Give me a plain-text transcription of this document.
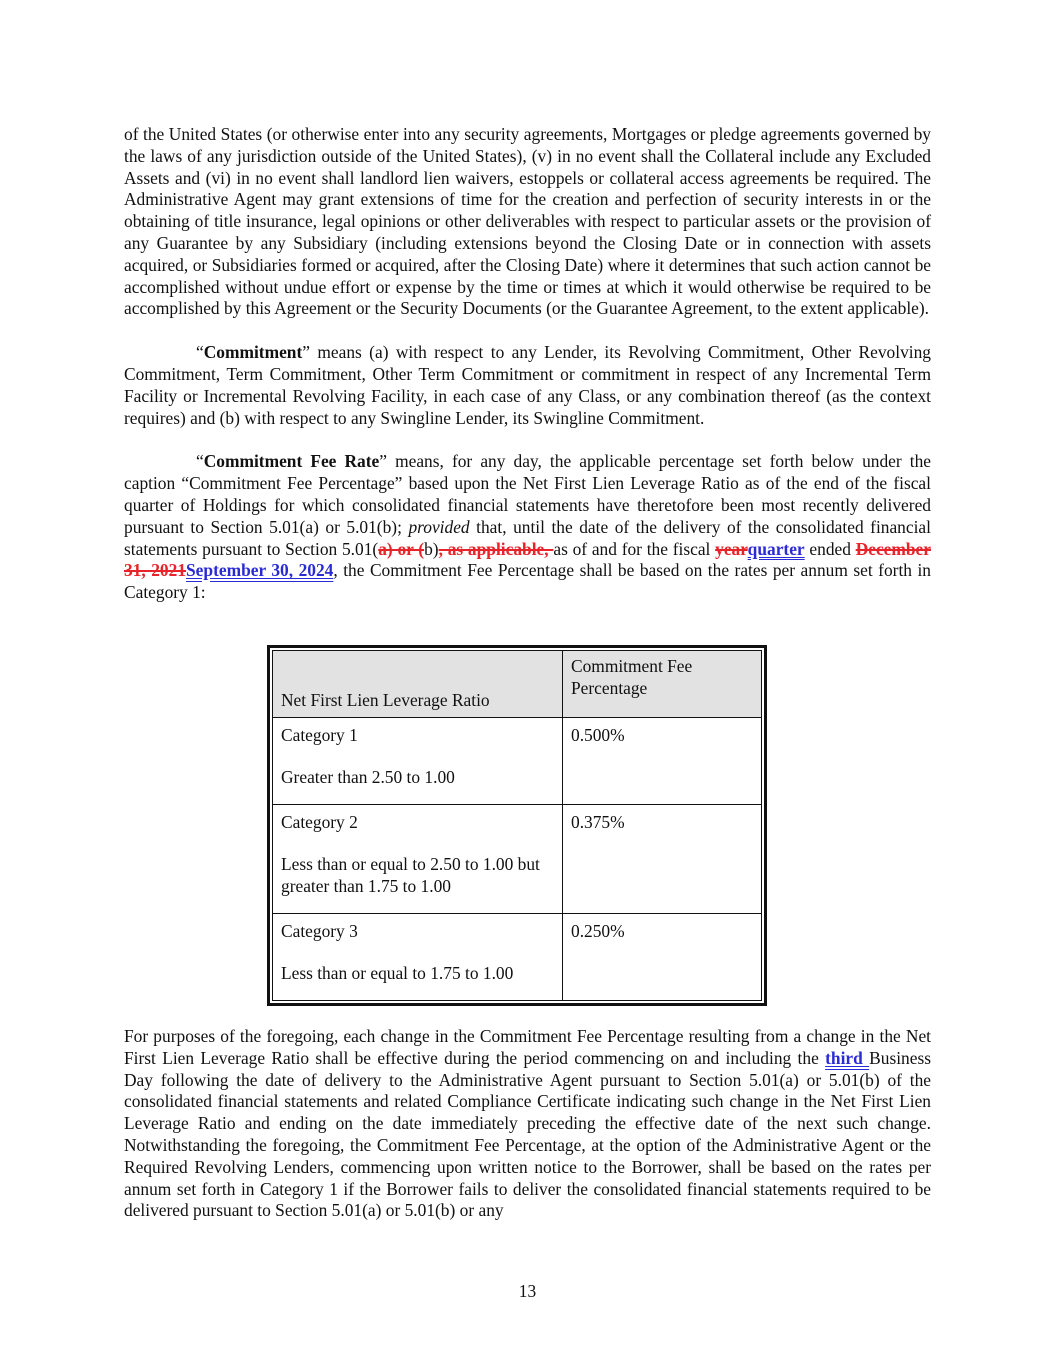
of the United States (or otherwise enter into any security agreements, Mortgages or pledge agreements governed by the laws of any jurisdiction outside of the United States), (v) in no event shall the Collateral include any Excluded Assets and (vi) in no event shall landlord lien waivers, estoppels or collateral access agreements be required. The Administrative Agent may grant extensions of time for the creation and perfection of security interests in or the obtaining of title insurance, legal opinions or other deliverables with respect to particular assets or the provision of any Guarantee by any Subsidiary (including extensions beyond the Closing Date or in connection with assets acquired, or Subsidiaries formed or acquired, after the Closing Date) where it determines that such action cannot be accomplished without undue effort or expense by the time or times at which it would otherwise be required to be accomplished by this Agreement or the Security Documents (or the Guarantee Agreement, to the extent applicable).

“Commitment” means (a) with respect to any Lender, its Revolving Commitment, Other Revolving Commitment, Term Commitment, Other Term Commitment or commitment in respect of any Incremental Term Facility or Incremental Revolving Facility, in each case of any Class, or any combination thereof (as the context requires) and (b) with respect to any Swingline Lender, its Swingline Commitment.

“Commitment Fee Rate” means, for any day, the applicable percentage set forth below under the caption “Commitment Fee Percentage” based upon the Net First Lien Leverage Ratio as of the end of the fiscal quarter of Holdings for which consolidated financial statements have theretofore been most recently delivered pursuant to Section 5.01(a) or 5.01(b); provided that, until the date of the delivery of the consolidated financial statements pursuant to Section 5.01(a) or (b), as applicable, as of and for the fiscal yearquarter ended December 31, 2021September 30, 2024, the Commitment Fee Percentage shall be based on the rates per annum set forth in Category 1:

Net First Lien Leverage Ratio	Commitment Fee Percentage

Category 1
Greater than 2.50 to 1.00	0.500%

Category 2
Less than or equal to 2.50 to 1.00 but greater than 1.75 to 1.00	0.375%

Category 3
Less than or equal to 1.75 to 1.00	0.250%

For purposes of the foregoing, each change in the Commitment Fee Percentage resulting from a change in the Net First Lien Leverage Ratio shall be effective during the period commencing on and including the third Business Day following the date of delivery to the Administrative Agent pursuant to Section 5.01(a) or 5.01(b) of the consolidated financial statements and related Compliance Certificate indicating such change in the Net First Lien Leverage Ratio and ending on the date immediately preceding the effective date of the next such change. Notwithstanding the foregoing, the Commitment Fee Percentage, at the option of the Administrative Agent or the Required Revolving Lenders, commencing upon written notice to the Borrower, shall be based on the rates per annum set forth in Category 1 if the Borrower fails to deliver the consolidated financial statements required to be delivered pursuant to Section 5.01(a) or 5.01(b) or any

13
